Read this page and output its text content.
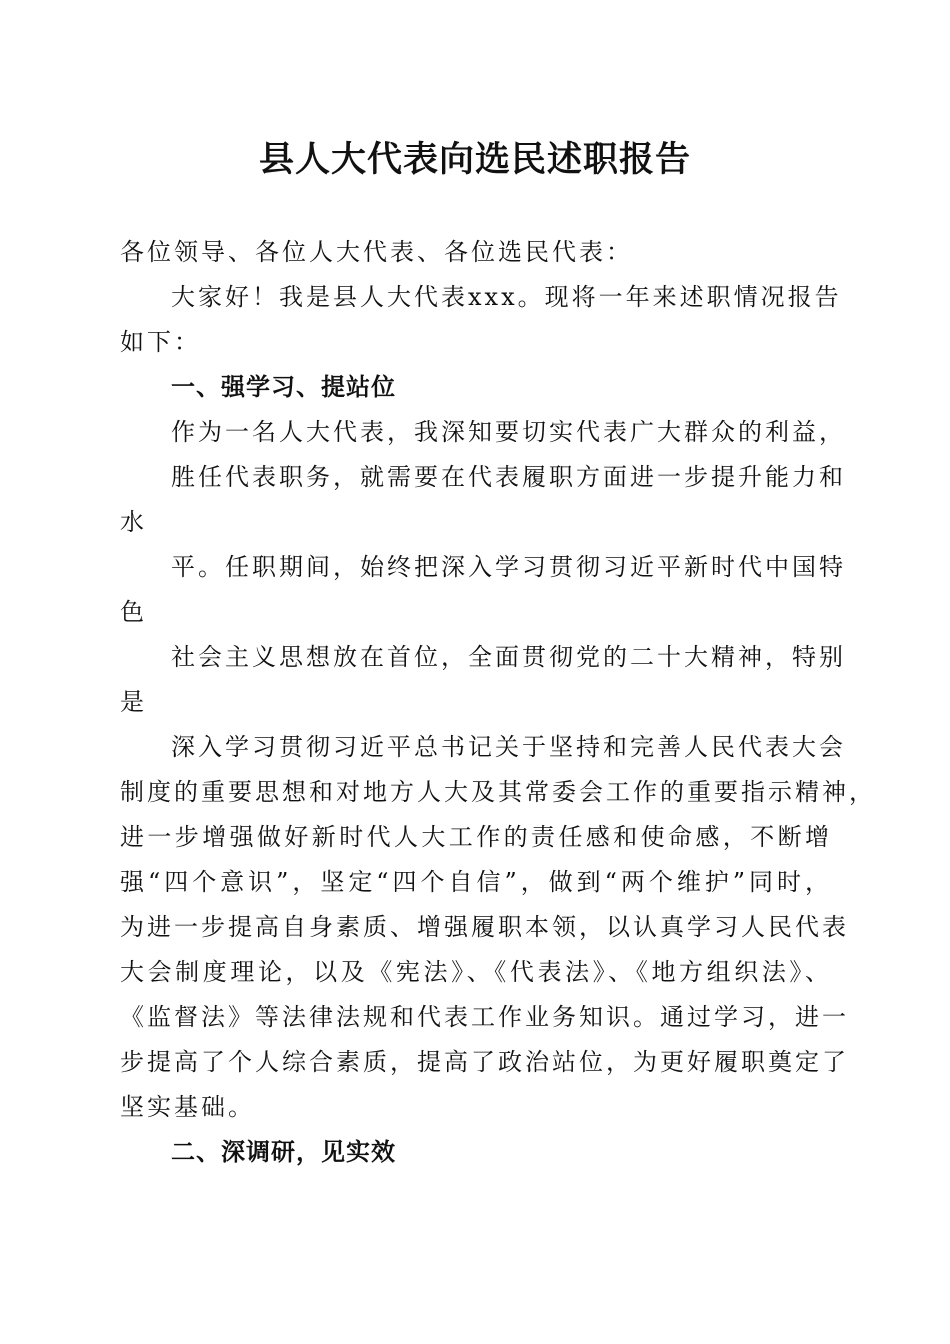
县人大代表向选民述职报告
各位领导、各位人大代表、各位选民代表：
大家好！我是县人大代表xxx。现将一年来述职情况报告
如下：
一、强学习、提站位
作为一名人大代表，我深知要切实代表广大群众的利益，
胜任代表职务，就需要在代表履职方面进一步提升能力和
水
平。任职期间，始终把深入学习贯彻习近平新时代中国特
色
社会主义思想放在首位，全面贯彻党的二十大精神，特别
是
深入学习贯彻习近平总书记关于坚持和完善人民代表大会
制度的重要思想和对地方人大及其常委会工作的重要指示精神，
进一步增强做好新时代人大工作的责任感和使命感，不断增
强“四个意识”，坚定“四个自信”，做到“两个维护”同时，
为进一步提高自身素质、增强履职本领，以认真学习人民代表
大会制度理论，以及《宪法》、《代表法》、《地方组织法》、
《监督法》等法律法规和代表工作业务知识。通过学习，进一
步提高了个人综合素质，提高了政治站位，为更好履职奠定了
坚实基础。
二、深调研，见实效
